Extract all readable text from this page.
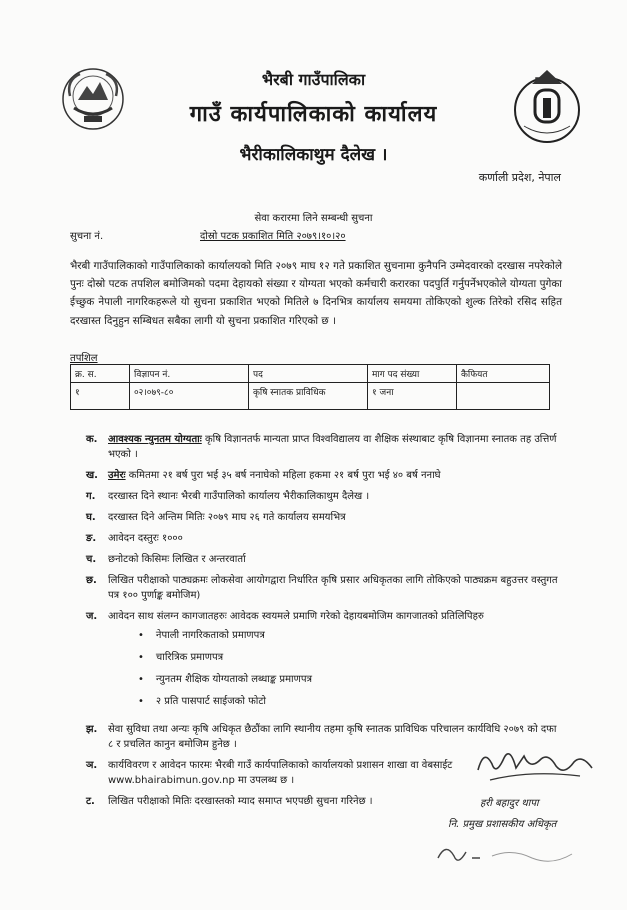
भैरबी गाउँपालिका
गाउँ कार्यपालिकाको कार्यालय
भैरीकालिकाथुम दैलेख ।
कर्णाली प्रदेश, नेपाल
सेवा करारमा लिने सम्बन्धी सुचना
सुचना नं.	दोस्रो पटक प्रकाशित मिति २०७९।१०।२०
भैरबी गाउँपालिकाको गाउँपालिकाको कार्यालयको मिति २०७९ माघ १२ गते प्रकाशित सुचनामा कुनैपनि उम्मेदवारको दरखास नपरेकोले पुनः दोस्रो पटक तपशिल बमोजिमको पदमा देहायको संख्या र योग्यता भएको कर्मचारी करारका पदपुर्ति गर्नुपर्नेभएकोले योग्यता पुगेका ईच्छुक नेपाली नागरिकहरूले यो सुचना प्रकाशित भएको मितिले ७ दिनभित्र कार्यालय समयमा तोकिएको शुल्क तिरेको रसिद सहित दरखास्त दिनुहुन सम्बिधत सबैका लागी यो सुचना प्रकाशित गरिएको छ ।
तपशिल
क्र. स.	विज्ञापन नं.	पद	माग पद संख्या	कैफियत
१	०२।०७९-८०	कृषि स्नातक प्राविधिक	१ जना	
क.	आवश्यक न्युनतम योग्यताः कृषि विज्ञानतर्फ मान्यता प्राप्त विश्वविद्यालय वा शैक्षिक संस्थाबाट कृषि विज्ञानमा स्नातक तह उत्तिर्ण भएको ।
ख.	उमेरः कमितमा २१ बर्ष पुरा भई ३५ बर्ष ननाघेको महिला हकमा २१ बर्ष पुरा भई ४० बर्ष ननाघे
ग.	दरखास्त दिने स्थानः भैरबी गाउँपालिको कार्यालय भैरीकालिकाथुम दैलेख ।
घ.	दरखास्त दिने अन्तिम मितिः २०७९ माघ २६ गते कार्यालय समयभित्र
ङ.	आवेदन दस्तुरः १०००
च.	छनोटको किसिमः लिखित र अन्तरवार्ता
छ.	लिखित परीक्षाको पाठ्यक्रमः लोकसेवा आयोगद्वारा निर्धारित कृषि प्रसार अधिकृतका लागि तोकिएको पाठ्यक्रम बहुउत्तर वस्तुगत पत्र १०० पुर्णाङ्क बमोजिम)
ज.	आवेदन साथ संलग्न कागजातहरुः आवेदक स्वयमले प्रमाणि गरेको देहायबमोजिम कागजातको प्रतिलिपिहरु
• नेपाली नागरिकताको प्रमाणपत्र
• चारित्रिक प्रमाणपत्र
• न्युनतम शैक्षिक योग्यताको लब्धाङ्क प्रमाणपत्र
• २ प्रति पासपार्ट साईजको फोटो
झ.	सेवा सुविधा तथा अन्यः कृषि अधिकृत छैठौंका लागि स्थानीय तहमा कृषि स्नातक प्राविधिक परिचालन कार्यविधि २०७९ को दफा ८ र प्रचलित कानुन बमोजिम हुनेछ ।
ञ.	कार्यविवरण र आवेदन फारमः भैरबी गाउँ कार्यपालिकाको कार्यालयको प्रशासन शाखा वा वेबसाईट
www.bhairabimun.gov.np मा उपलब्ध छ ।
ट.	लिखित परीक्षाको मितिः दरखास्तको म्याद समाप्त भएपछी सुचना गरिनेछ ।	हरी बहादुर थापा
नि. प्रमुख प्रशासकीय अधिकृत
